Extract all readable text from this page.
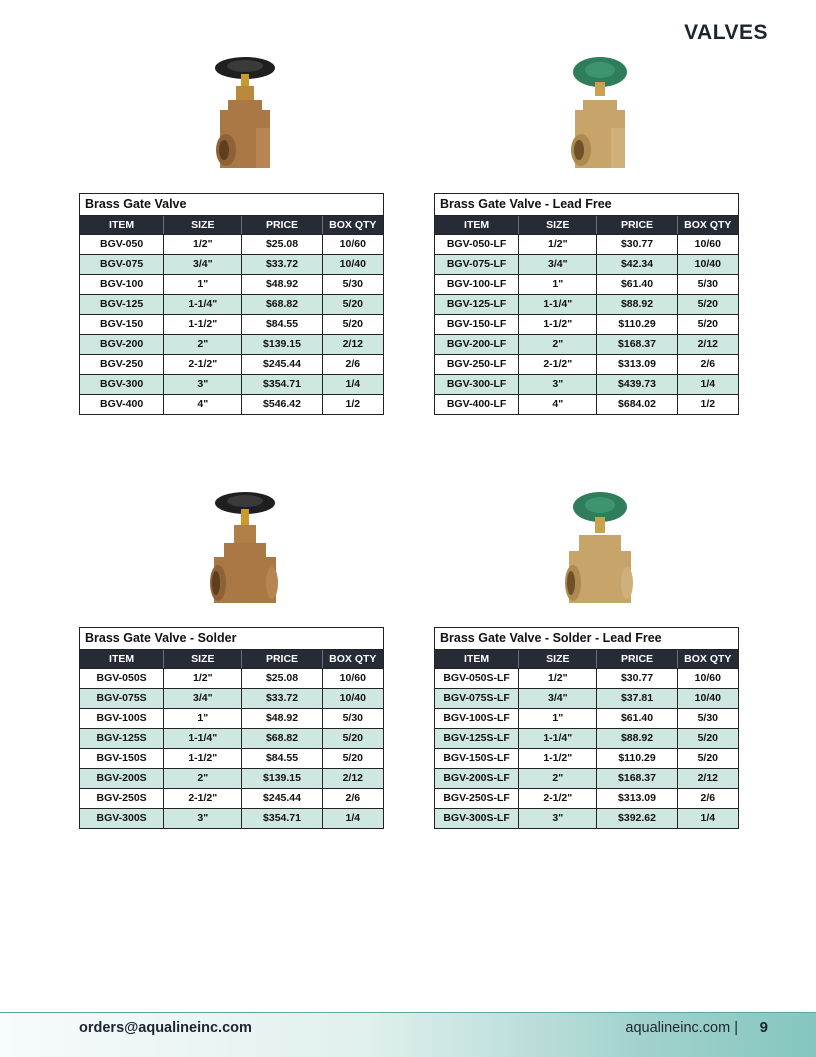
VALVES
Brass Gate Valve
ITEM	SIZE	PRICE	BOX QTY
BGV-050	1/2"	$25.08	10/60
BGV-075	3/4"	$33.72	10/40
BGV-100	1"	$48.92	5/30
BGV-125	1-1/4"	$68.82	5/20
BGV-150	1-1/2"	$84.55	5/20
BGV-200	2"	$139.15	2/12
BGV-250	2-1/2"	$245.44	2/6
BGV-300	3"	$354.71	1/4
BGV-400	4"	$546.42	1/2
Brass Gate Valve - Lead Free
ITEM	SIZE	PRICE	BOX QTY
BGV-050-LF	1/2"	$30.77	10/60
BGV-075-LF	3/4"	$42.34	10/40
BGV-100-LF	1"	$61.40	5/30
BGV-125-LF	1-1/4"	$88.92	5/20
BGV-150-LF	1-1/2"	$110.29	5/20
BGV-200-LF	2"	$168.37	2/12
BGV-250-LF	2-1/2"	$313.09	2/6
BGV-300-LF	3"	$439.73	1/4
BGV-400-LF	4"	$684.02	1/2
Brass Gate Valve - Solder
ITEM	SIZE	PRICE	BOX QTY
BGV-050S	1/2"	$25.08	10/60
BGV-075S	3/4"	$33.72	10/40
BGV-100S	1"	$48.92	5/30
BGV-125S	1-1/4"	$68.82	5/20
BGV-150S	1-1/2"	$84.55	5/20
BGV-200S	2"	$139.15	2/12
BGV-250S	2-1/2"	$245.44	2/6
BGV-300S	3"	$354.71	1/4
Brass Gate Valve - Solder - Lead Free
ITEM	SIZE	PRICE	BOX QTY
BGV-050S-LF	1/2"	$30.77	10/60
BGV-075S-LF	3/4"	$37.81	10/40
BGV-100S-LF	1"	$61.40	5/30
BGV-125S-LF	1-1/4"	$88.92	5/20
BGV-150S-LF	1-1/2"	$110.29	5/20
BGV-200S-LF	2"	$168.37	2/12
BGV-250S-LF	2-1/2"	$313.09	2/6
BGV-300S-LF	3"	$392.62	1/4
orders@aqualineinc.com	aqualineinc.com | 9
